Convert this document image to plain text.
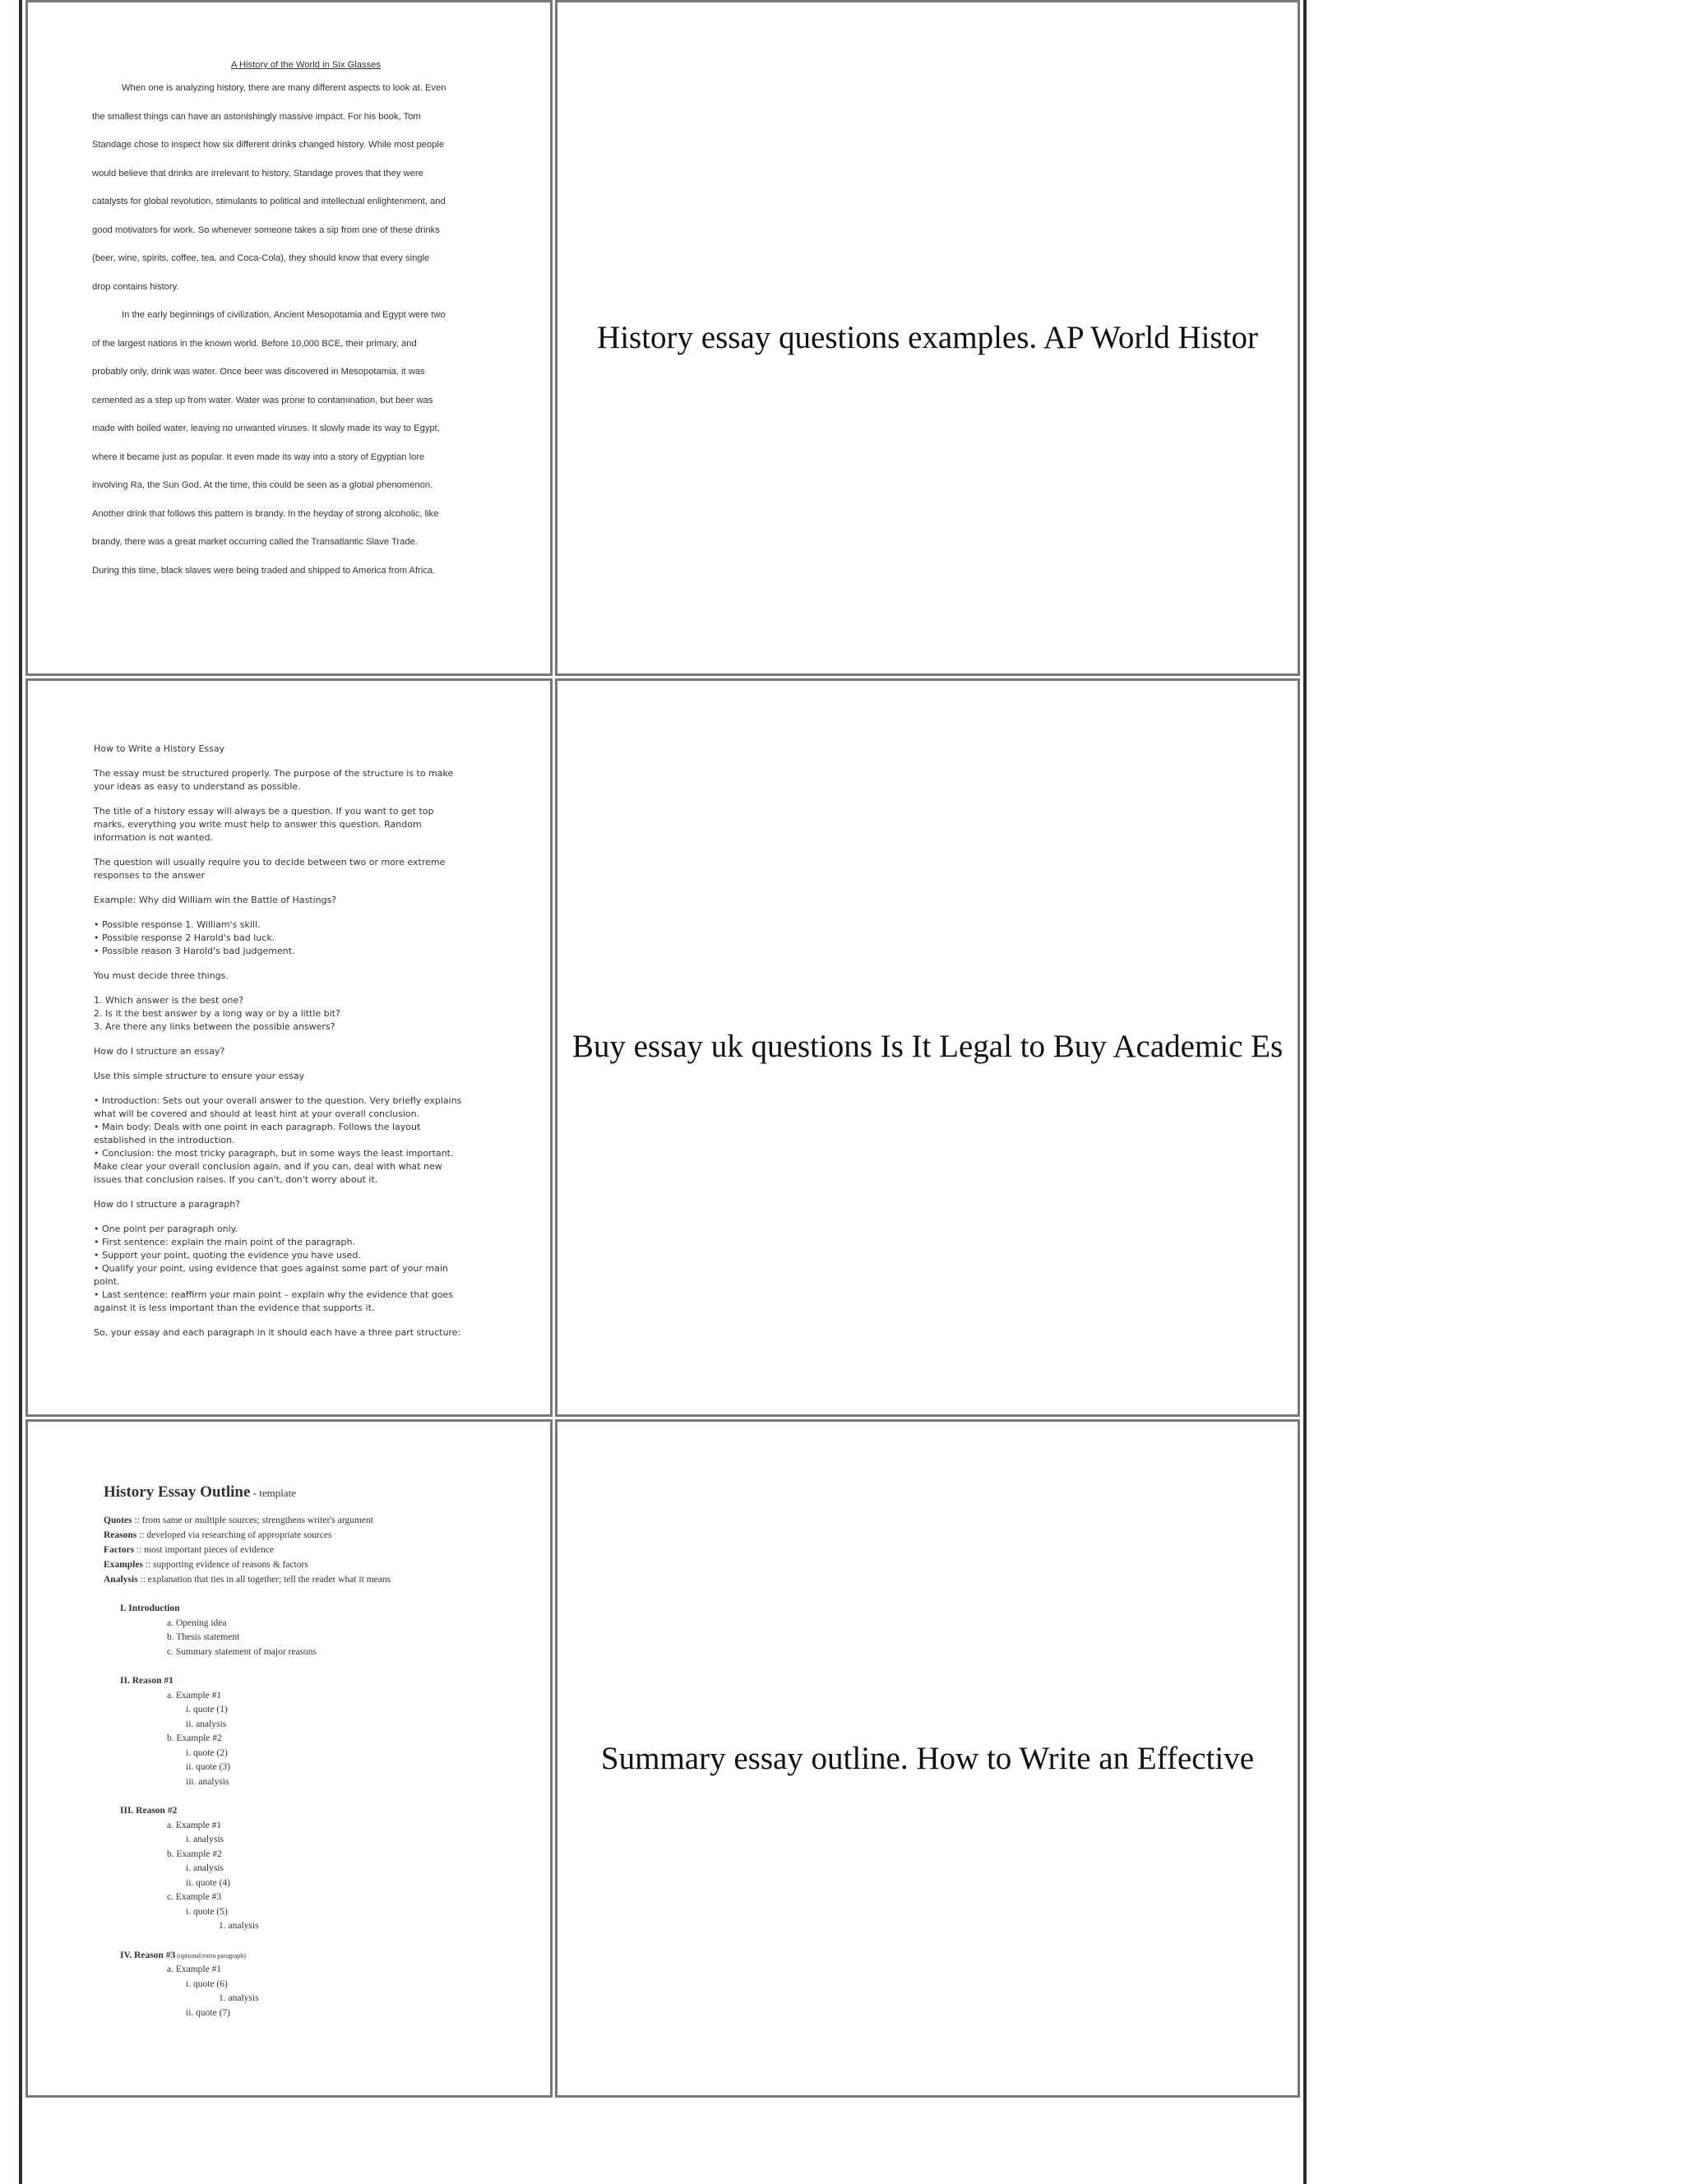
A History of the World in Six Glasses
When one is analyzing history, there are many different aspects to look at. Even
the smallest things can have an astonishingly massive impact. For his book, Tom
Standage chose to inspect how six different drinks changed history. While most people
would believe that drinks are irrelevant to history, Standage proves that they were
catalysts for global revolution, stimulants to political and intellectual enlightenment, and
good motivators for work. So whenever someone takes a sip from one of these drinks
(beer, wine, spirits, coffee, tea, and Coca-Cola), they should know that every single
drop contains history.
In the early beginnings of civilization, Ancient Mesopotamia and Egypt were two
of the largest nations in the known world. Before 10,000 BCE, their primary, and
probably only, drink was water. Once beer was discovered in Mesopotamia, it was
cemented as a step up from water. Water was prone to contamination, but beer was
made with boiled water, leaving no unwanted viruses. It slowly made its way to Egypt,
where it became just as popular. It even made its way into a story of Egyptian lore
involving Ra, the Sun God. At the time, this could be seen as a global phenomenon.
Another drink that follows this pattern is brandy. In the heyday of strong alcoholic, like
brandy, there was a great market occurring called the Transatlantic Slave Trade.
During this time, black slaves were being traded and shipped to America from Africa.
History essay questions examples. AP World Histor
How to Write a History Essay
The essay must be structured properly. The purpose of the structure is to make
your ideas as easy to understand as possible.
The title of a history essay will always be a question. If you want to get top
marks, everything you write must help to answer this question. Random
information is not wanted.
The question will usually require you to decide between two or more extreme
responses to the answer
Example: Why did William win the Battle of Hastings?
• Possible response 1. William's skill.
• Possible response 2 Harold's bad luck.
• Possible reason 3 Harold's bad judgement.
You must decide three things.
1. Which answer is the best one?
2. Is it the best answer by a long way or by a little bit?
3. Are there any links between the possible answers?
How do I structure an essay?
Use this simple structure to ensure your essay
• Introduction: Sets out your overall answer to the question. Very briefly explains
what will be covered and should at least hint at your overall conclusion.
• Main body: Deals with one point in each paragraph. Follows the layout
established in the introduction.
• Conclusion: the most tricky paragraph, but in some ways the least important.
Make clear your overall conclusion again, and if you can, deal with what new
issues that conclusion raises. If you can't, don't worry about it.
How do I structure a paragraph?
• One point per paragraph only.
• First sentence: explain the main point of the paragraph.
• Support your point, quoting the evidence you have used.
• Qualify your point, using evidence that goes against some part of your main
point.
• Last sentence: reaffirm your main point – explain why the evidence that goes
against it is less important than the evidence that supports it.
So, your essay and each paragraph in it should each have a three part structure:
Buy essay uk questions Is It Legal to Buy Academic Es
History Essay Outline - template
Quotes :: from same or multiple sources; strengthens writer's argument
Reasons :: developed via researching of appropriate sources
Factors :: most important pieces of evidence
Examples :: supporting evidence of reasons & factors
Analysis :: explanation that ties in all together; tell the reader what it means
I. Introduction
a. Opening idea
b. Thesis statement
c. Summary statement of major reasons
II. Reason #1
a. Example #1
i. quote (1)
ii. analysis
b. Example #2
i. quote (2)
ii. quote (3)
iii. analysis
III. Reason #2
a. Example #1
i. analysis
b. Example #2
i. analysis
ii. quote (4)
c. Example #3
i. quote (5)
1. analysis
IV. Reason #3 (optional/extra paragraph)
a. Example #1
i. quote (6)
1. analysis
ii. quote (7)
Summary essay outline. How to Write an Effective
